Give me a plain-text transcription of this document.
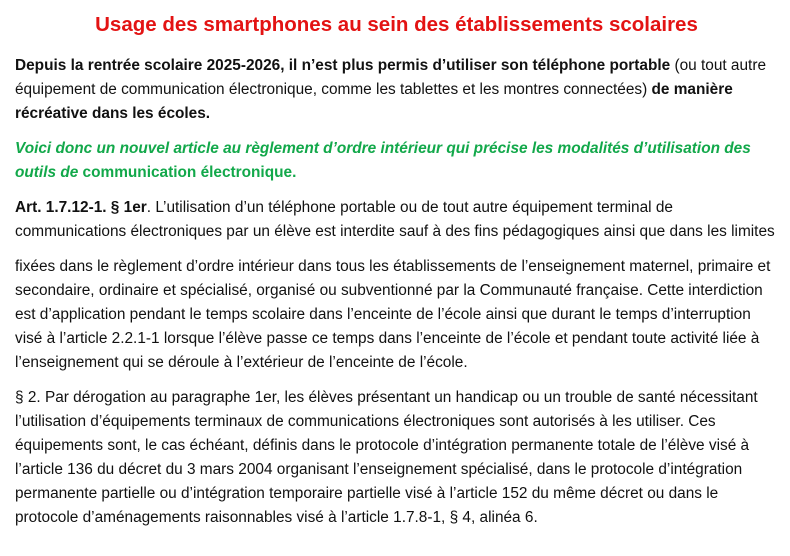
Usage des smartphones au sein des établissements scolaires

Depuis la rentrée scolaire 2025-2026, il n’est plus permis d’utiliser son téléphone portable (ou tout autre équipement de communication électronique, comme les tablettes et les montres connectées) de manière récréative dans les écoles.

Voici donc un nouvel article au règlement d’ordre intérieur qui précise les modalités d’utilisation des outils de communication électronique.

Art. 1.7.12-1. § 1er. L’utilisation d’un téléphone portable ou de tout autre équipement terminal de communications électroniques par un élève est interdite sauf à des fins pédagogiques ainsi que dans les limites

fixées dans le règlement d’ordre intérieur dans tous les établissements de l’enseignement maternel, primaire et secondaire, ordinaire et spécialisé, organisé ou subventionné par la Communauté française. Cette interdiction est d’application pendant le temps scolaire dans l’enceinte de l’école ainsi que durant le temps d’interruption visé à l’article 2.2.1-1 lorsque l’élève passe ce temps dans l’enceinte de l’école et pendant toute activité liée à l’enseignement qui se déroule à l’extérieur de l’enceinte de l’école.

§ 2. Par dérogation au paragraphe 1er, les élèves présentant un handicap ou un trouble de santé nécessitant l’utilisation d’équipements terminaux de communications électroniques sont autorisés à les utiliser. Ces équipements sont, le cas échéant, définis dans le protocole d’intégration permanente totale de l’élève visé à l’article 136 du décret du 3 mars 2004 organisant l’enseignement spécialisé, dans le protocole d’intégration permanente partielle ou d’intégration temporaire partielle visé à l’article 152 du même décret ou dans le protocole d’aménagements raisonnables visé à l’article 1.7.8-1, § 4, alinéa 6.
